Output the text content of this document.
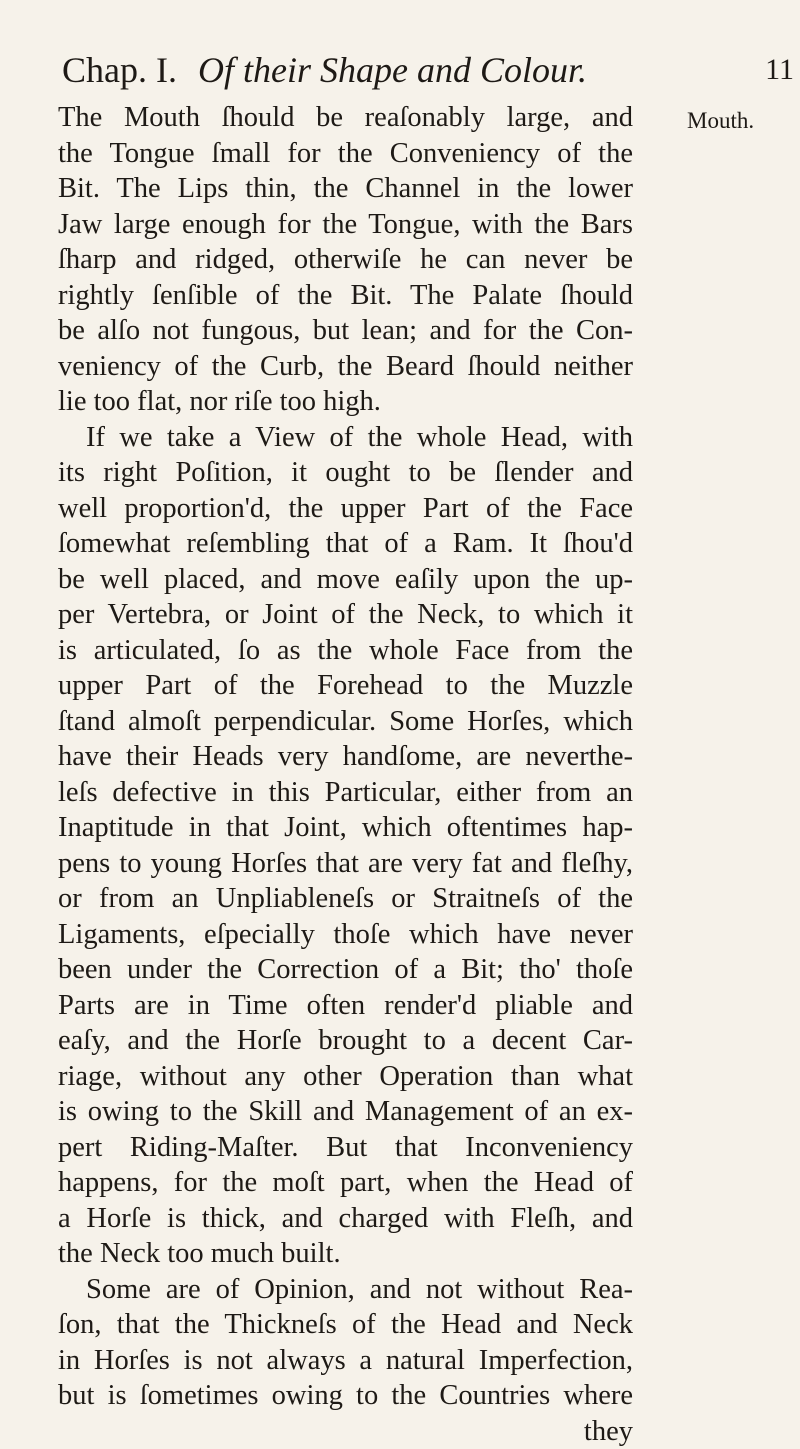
Chap. I. Of their Shape and Colour.	11
Mouth.
The Mouth ſhould be reaſonably large, and
the Tongue ſmall for the Conveniency of the
Bit. The Lips thin, the Channel in the lower
Jaw large enough for the Tongue, with the Bars
ſharp and ridged, otherwiſe he can never be
rightly ſenſible of the Bit. The Palate ſhould
be alſo not fungous, but lean; and for the Con-
veniency of the Curb, the Beard ſhould neither
lie too flat, nor riſe too high.
If we take a View of the whole Head, with
its right Poſition, it ought to be ſlender and
well proportion'd, the upper Part of the Face
ſomewhat reſembling that of a Ram. It ſhou'd
be well placed, and move eaſily upon the up-
per Vertebra, or Joint of the Neck, to which it
is articulated, ſo as the whole Face from the
upper Part of the Forehead to the Muzzle
ſtand almoſt perpendicular. Some Horſes, which
have their Heads very handſome, are neverthe-
leſs defective in this Particular, either from an
Inaptitude in that Joint, which oftentimes hap-
pens to young Horſes that are very fat and fleſhy,
or from an Unpliablеneſs or Straitneſs of the
Ligaments, eſpecially thoſe which have never
been under the Correction of a Bit; tho' thoſe
Parts are in Time often render'd pliable and
eaſy, and the Horſe brought to a decent Car-
riage, without any other Operation than what
is owing to the Skill and Management of an ex-
pert Riding-Maſter. But that Inconveniency
happens, for the moſt part, when the Head of
a Horſe is thick, and charged with Fleſh, and
the Neck too much built.
Some are of Opinion, and not without Rea-
ſon, that the Thickneſs of the Head and Neck
in Horſes is not always a natural Imperfection,
but is ſometimes owing to the Countries where
they
